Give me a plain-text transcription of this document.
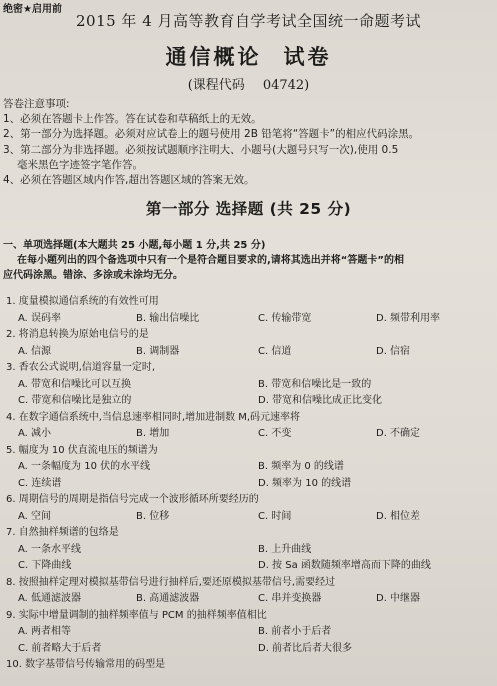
绝密★启用前
2015 年 4 月高等教育自学考试全国统一命题考试
通信概论 试卷
(课程代码 04742)

答卷注意事项:

1、必须在答题卡上作答。答在试卷和草稿纸上的无效。

2、第一部分为选择题。必须对应试卷上的题号使用 2B 铅笔将“答题卡”的相应代码涂黑。

3、第二部分为非选择题。必须按试题顺序注明大、小题号(大题号只写一次),使用 0.5

毫米黑色字迹签字笔作答。

4、必须在答题区域内作答,超出答题区域的答案无效。

第一部分 选择题 (共 25 分)
一、单项选择题(本大题共 25 小题,每小题 1 分,共 25 分)
在每小题列出的四个备选项中只有一个是符合题目要求的,请将其选出并将“答题卡”的相
应代码涂黑。错涂、多涂或未涂均无分。
1. 度量模拟通信系统的有效性可用
A. 误码率	B. 输出信噪比	C. 传输带宽	D. 频带利用率
2. 将消息转换为原始电信号的是
A. 信源	B. 调制器	C. 信道	D. 信宿
3. 香农公式说明,信道容量一定时,
A. 带宽和信噪比可以互换	B. 带宽和信噪比是一致的
C. 带宽和信噪比是独立的	D. 带宽和信噪比成正比变化
4. 在数字通信系统中,当信息速率相同时,增加进制数 M,码元速率将
A. 减小	B. 增加	C. 不变	D. 不确定
5. 幅度为 10 伏直流电压的频谱为
A. 一条幅度为 10 伏的水平线	B. 频率为 0 的线谱
C. 连续谱	D. 频率为 10 的线谱
6. 周期信号的周期是指信号完成一个波形循环所要经历的
A. 空间	B. 位移	C. 时间	D. 相位差
7. 自然抽样频谱的包络是
A. 一条水平线	B. 上升曲线
C. 下降曲线	D. 按 Sa 函数随频率增高而下降的曲线
8. 按照抽样定理对模拟基带信号进行抽样后,要还原模拟基带信号,需要经过
A. 低通滤波器	B. 高通滤波器	C. 串并变换器	D. 中继器
9. 实际中增量调制的抽样频率值与 PCM 的抽样频率值相比
A. 两者相等	B. 前者小于后者
C. 前者略大于后者	D. 前者比后者大很多
10. 数字基带信号传输常用的码型是
